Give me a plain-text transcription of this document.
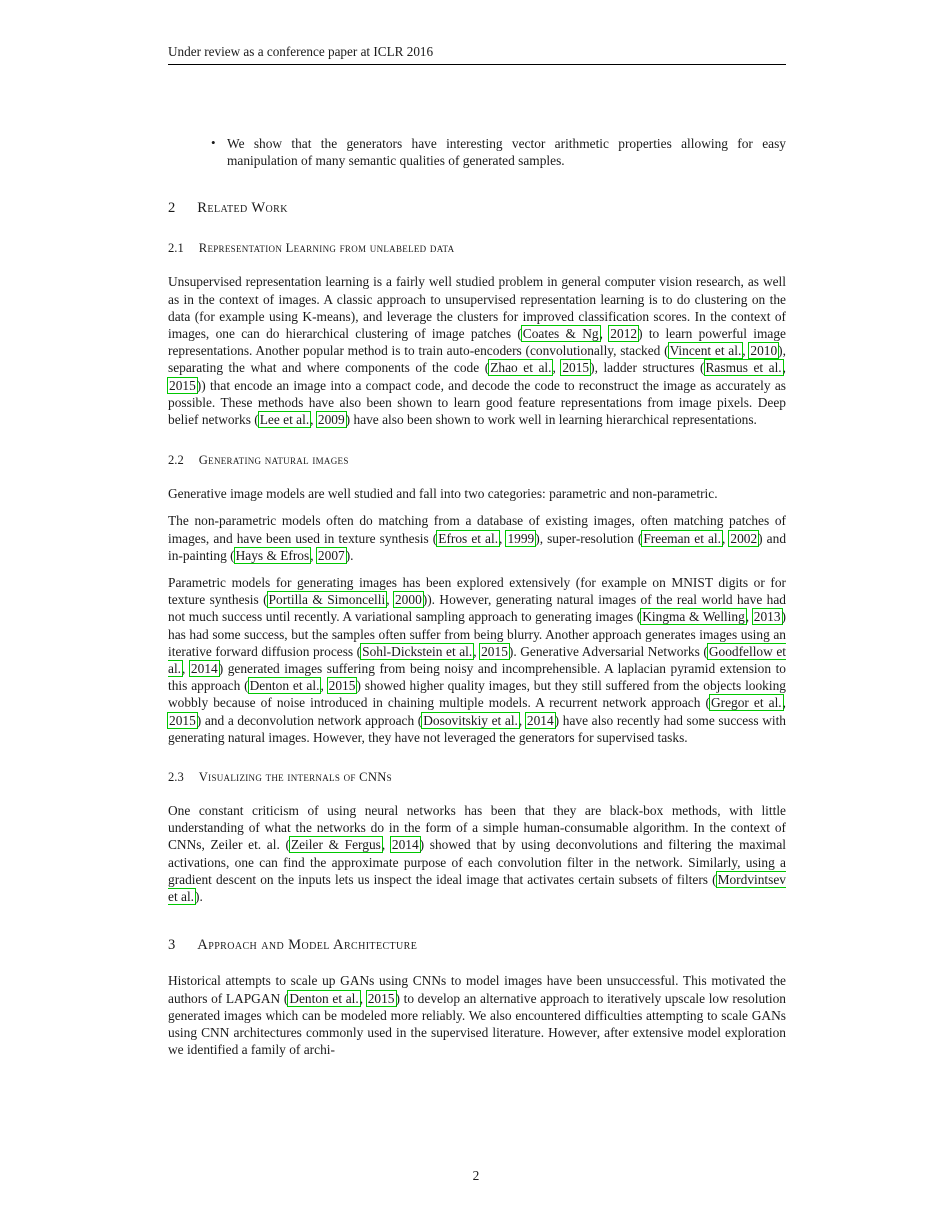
Under review as a conference paper at ICLR 2016
• We show that the generators have interesting vector arithmetic properties allowing for easy manipulation of many semantic qualities of generated samples.
2 Related Work
2.1 Representation Learning from unlabeled data

Unsupervised representation learning is a fairly well studied problem in general computer vision research, as well as in the context of images. A classic approach to unsupervised representation learning is to do clustering on the data (for example using K-means), and leverage the clusters for improved classification scores. In the context of images, one can do hierarchical clustering of image patches (Coates & Ng, 2012) to learn powerful image representations. Another popular method is to train auto-encoders (convolutionally, stacked (Vincent et al., 2010), separating the what and where components of the code (Zhao et al., 2015), ladder structures (Rasmus et al., 2015)) that encode an image into a compact code, and decode the code to reconstruct the image as accurately as possible. These methods have also been shown to learn good feature representations from image pixels. Deep belief networks (Lee et al., 2009) have also been shown to work well in learning hierarchical representations.

2.2 Generating natural images

Generative image models are well studied and fall into two categories: parametric and non-parametric.

The non-parametric models often do matching from a database of existing images, often matching patches of images, and have been used in texture synthesis (Efros et al., 1999), super-resolution (Freeman et al., 2002) and in-painting (Hays & Efros, 2007).

Parametric models for generating images has been explored extensively (for example on MNIST digits or for texture synthesis (Portilla & Simoncelli, 2000)). However, generating natural images of the real world have had not much success until recently. A variational sampling approach to generating images (Kingma & Welling, 2013) has had some success, but the samples often suffer from being blurry. Another approach generates images using an iterative forward diffusion process (Sohl-Dickstein et al., 2015). Generative Adversarial Networks (Goodfellow et al., 2014) generated images suffering from being noisy and incomprehensible. A laplacian pyramid extension to this approach (Denton et al., 2015) showed higher quality images, but they still suffered from the objects looking wobbly because of noise introduced in chaining multiple models. A recurrent network approach (Gregor et al., 2015) and a deconvolution network approach (Dosovitskiy et al., 2014) have also recently had some success with generating natural images. However, they have not leveraged the generators for supervised tasks.

2.3 Visualizing the internals of CNNs

One constant criticism of using neural networks has been that they are black-box methods, with little understanding of what the networks do in the form of a simple human-consumable algorithm. In the context of CNNs, Zeiler et. al. (Zeiler & Fergus, 2014) showed that by using deconvolutions and filtering the maximal activations, one can find the approximate purpose of each convolution filter in the network. Similarly, using a gradient descent on the inputs lets us inspect the ideal image that activates certain subsets of filters (Mordvintsev et al.).

3 Approach and Model Architecture

Historical attempts to scale up GANs using CNNs to model images have been unsuccessful. This motivated the authors of LAPGAN (Denton et al., 2015) to develop an alternative approach to iteratively upscale low resolution generated images which can be modeled more reliably. We also encountered difficulties attempting to scale GANs using CNN architectures commonly used in the supervised literature. However, after extensive model exploration we identified a family of archi-

2
